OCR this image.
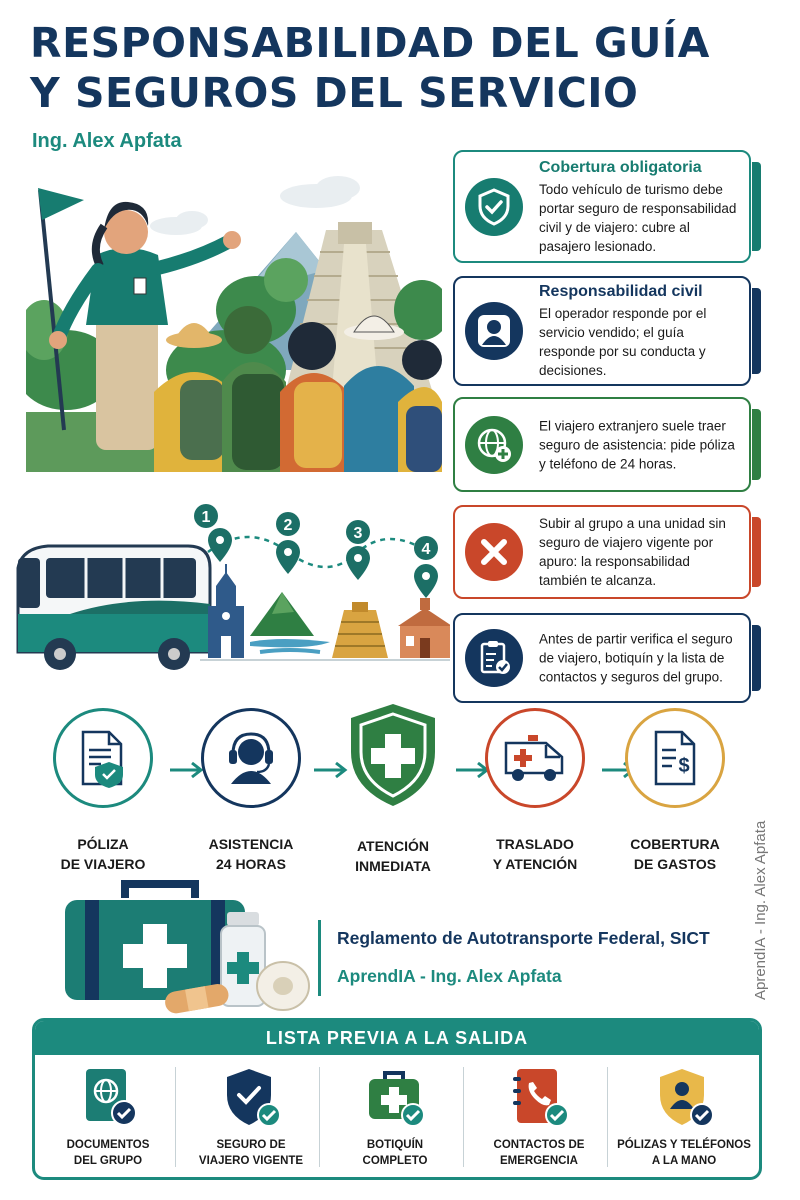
RESPONSABILIDAD DEL GUÍA
Y SEGUROS DEL SERVICIO
Ing. Alex Apfata
Cobertura obligatoria
Todo vehículo de turismo debe portar seguro de responsabilidad civil y de viajero: cubre al pasajero lesionado.
Responsabilidad civil
El operador responde por el servicio vendido; el guía responde por su conducta y decisiones.
El viajero extranjero suele traer seguro de asistencia: pide póliza y teléfono de 24 horas.
Subir al grupo a una unidad sin seguro de viajero vigente por apuro: la responsabilidad también te alcanza.
Antes de partir verifica el seguro de viajero, botiquín y la lista de contactos y seguros del grupo.
1	2	3
4
PÓLIZA
DE VIAJERO
ASISTENCIA
24 HORAS
ATENCIÓN
INMEDIATA
TRASLADO
Y ATENCIÓN
$
COBERTURA
DE GASTOS
Reglamento de Autotransporte Federal, SICT
AprendIA - Ing. Alex Apfata	AprendIA - Ing. Alex Apfata
LISTA PREVIA A LA SALIDA
DOCUMENTOS
DEL GRUPO
SEGURO DE
VIAJERO VIGENTE
BOTIQUÍN
COMPLETO
CONTACTOS DE
EMERGENCIA
PÓLIZAS Y TELÉFONOS
A LA MANO
